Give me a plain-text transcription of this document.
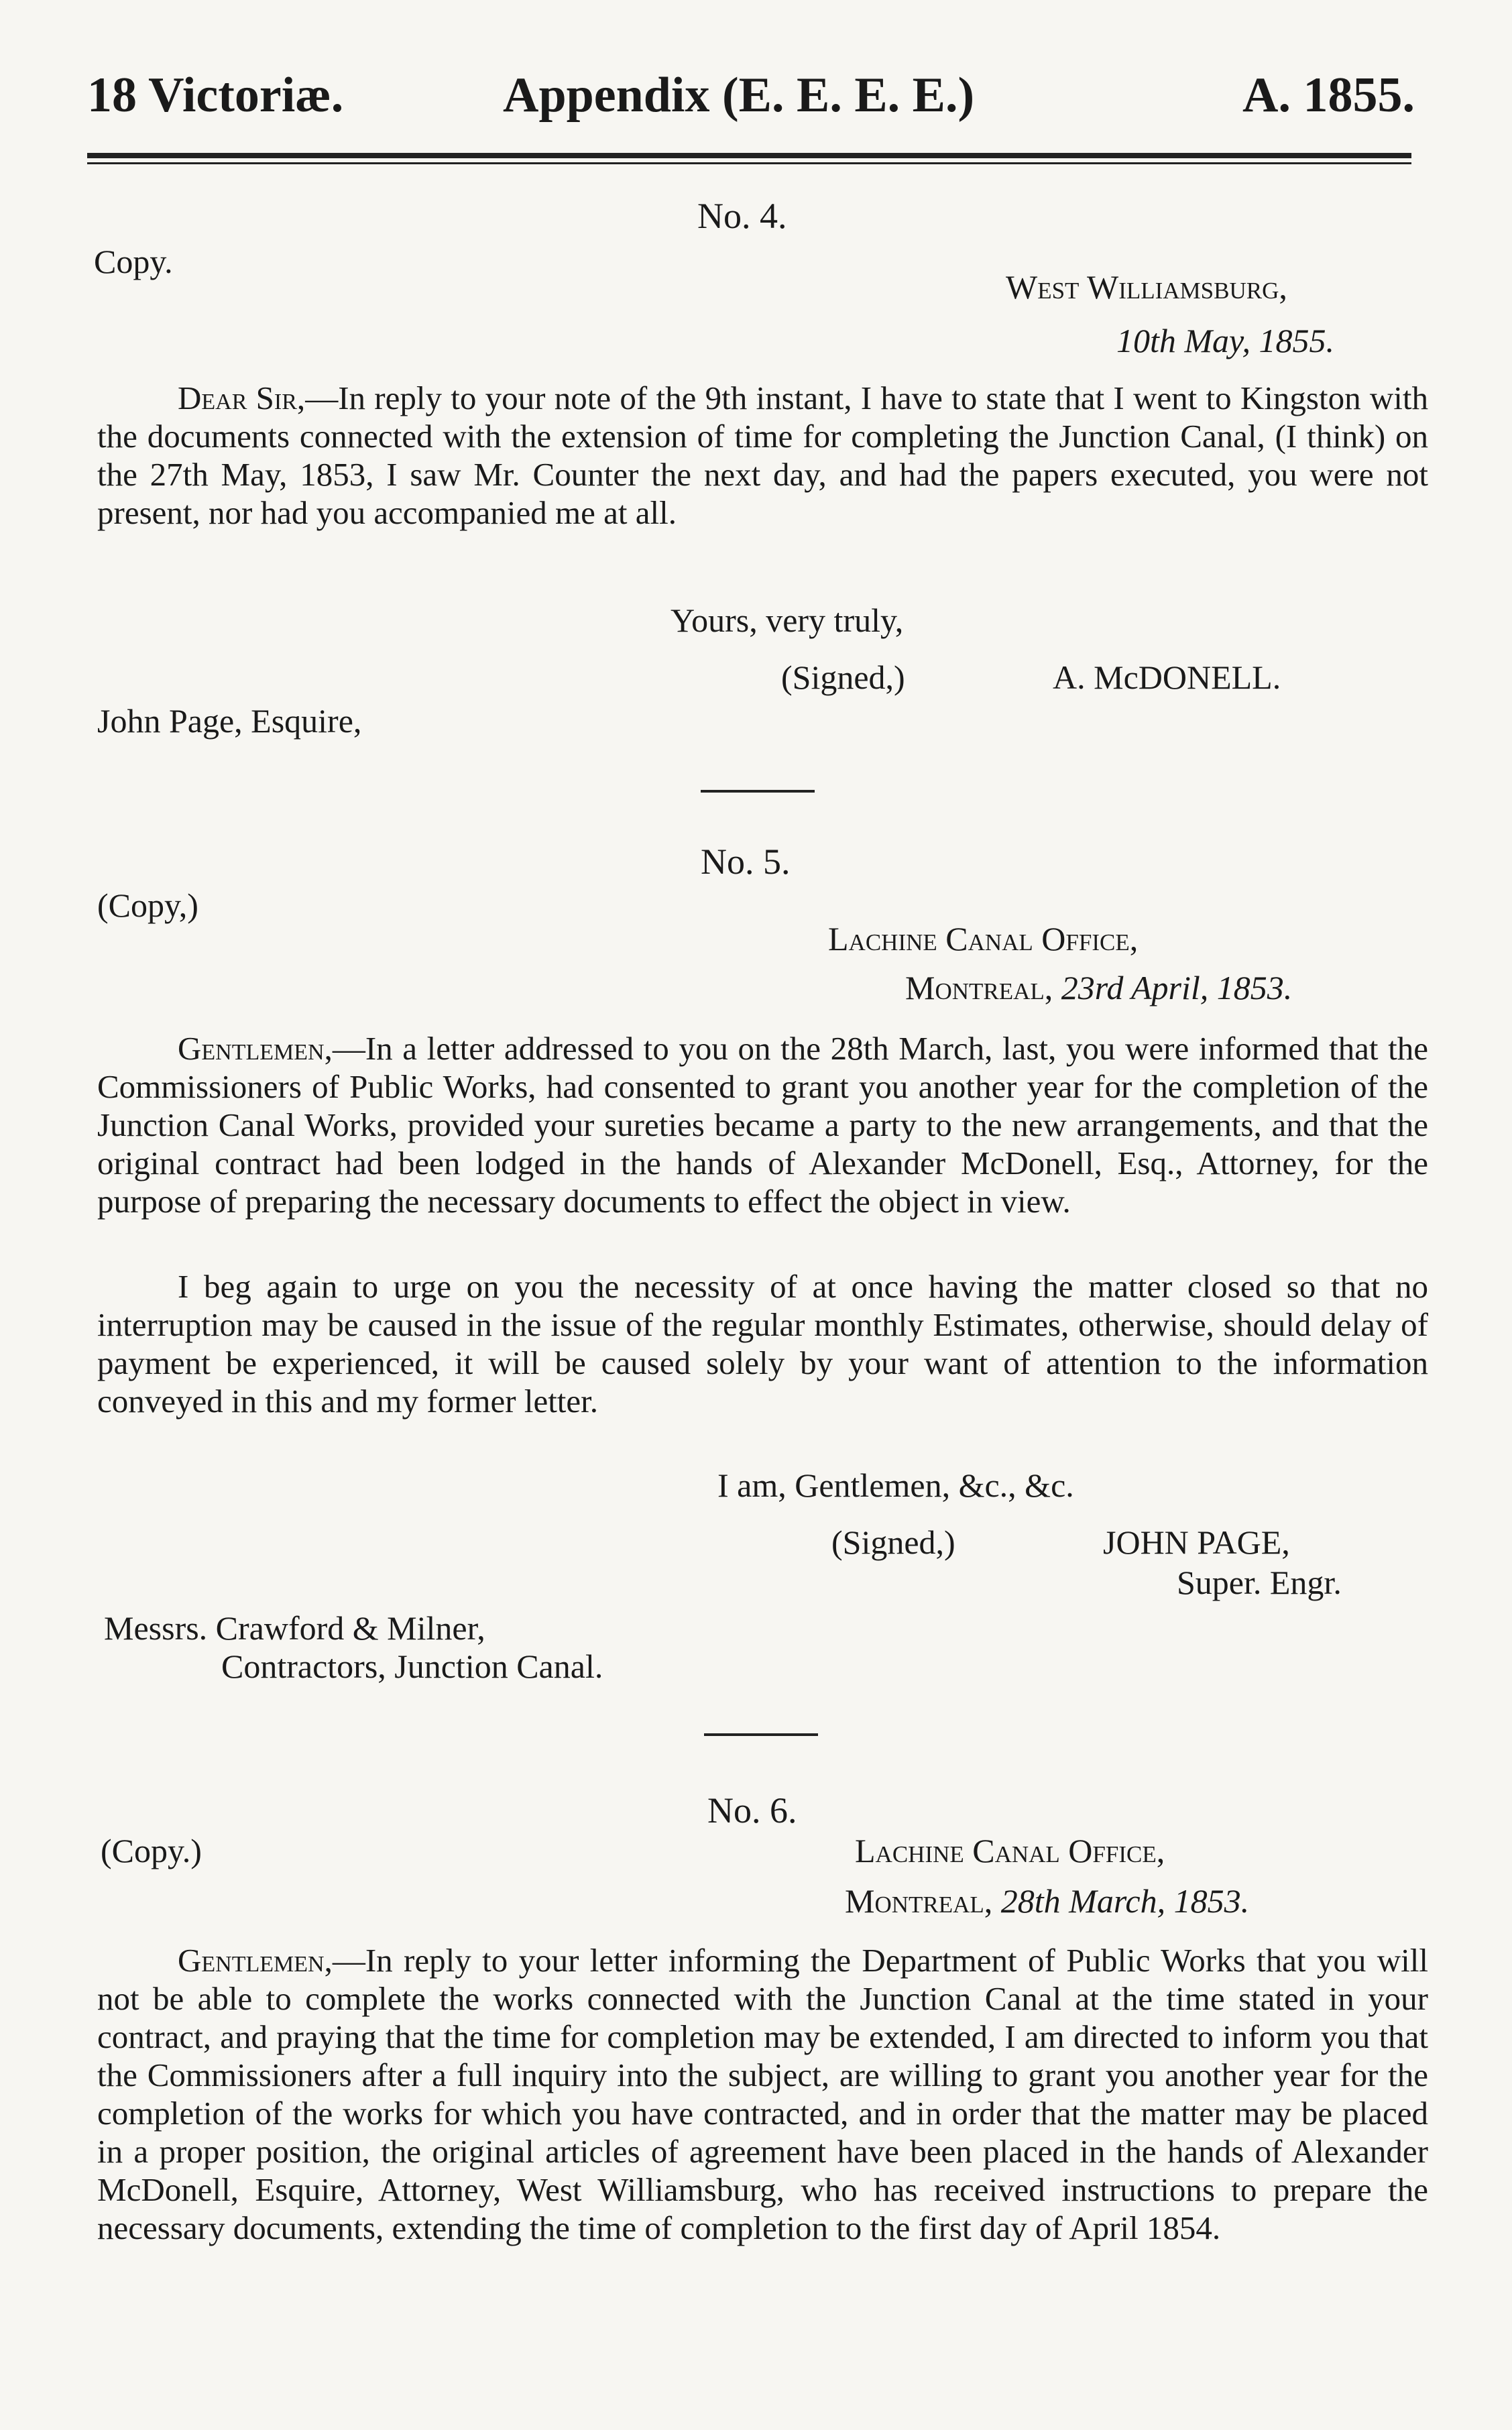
18 Victoriæ.	Appendix (E. E. E. E.)	A. 1855.
No. 4.
Copy.
West Williamsburg,
10th May, 1855.
Dear Sir,—In reply to your note of the 9th instant, I have to state that I went to Kingston with the documents connected with the extension of time for completing the Junction Canal, (I think) on the 27th May, 1853, I saw Mr. Counter the next day, and had the papers executed, you were not present, nor had you accompanied me at all.
Yours, very truly,
(Signed,)	A. McDONELL.
John Page, Esquire,
No. 5.
(Copy,)
Lachine Canal Office,
Montreal, 23rd April, 1853.
Gentlemen,—In a letter addressed to you on the 28th March, last, you were informed that the Commissioners of Public Works, had consented to grant you another year for the completion of the Junction Canal Works, provided your sureties became a party to the new arrangements, and that the original contract had been lodged in the hands of Alexander McDonell, Esq., Attorney, for the purpose of preparing the necessary documents to effect the object in view.
I beg again to urge on you the necessity of at once having the matter closed so that no interruption may be caused in the issue of the regular monthly Estimates, otherwise, should delay of payment be experienced, it will be caused solely by your want of attention to the information conveyed in this and my former letter.
I am, Gentlemen, &c., &c.
(Signed,)	JOHN PAGE,
Super. Engr.
Messrs. Crawford & Milner,
Contractors, Junction Canal.
No. 6.
(Copy.)	Lachine Canal Office,
Montreal, 28th March, 1853.
Gentlemen,—In reply to your letter informing the Department of Public Works that you will not be able to complete the works connected with the Junction Canal at the time stated in your contract, and praying that the time for completion may be extended, I am directed to inform you that the Commissioners after a full inquiry into the subject, are willing to grant you another year for the completion of the works for which you have contracted, and in order that the matter may be placed in a proper position, the original articles of agreement have been placed in the hands of Alexander McDonell, Esquire, Attorney, West Williamsburg, who has received instructions to prepare the necessary documents, extending the time of completion to the first day of April 1854.
